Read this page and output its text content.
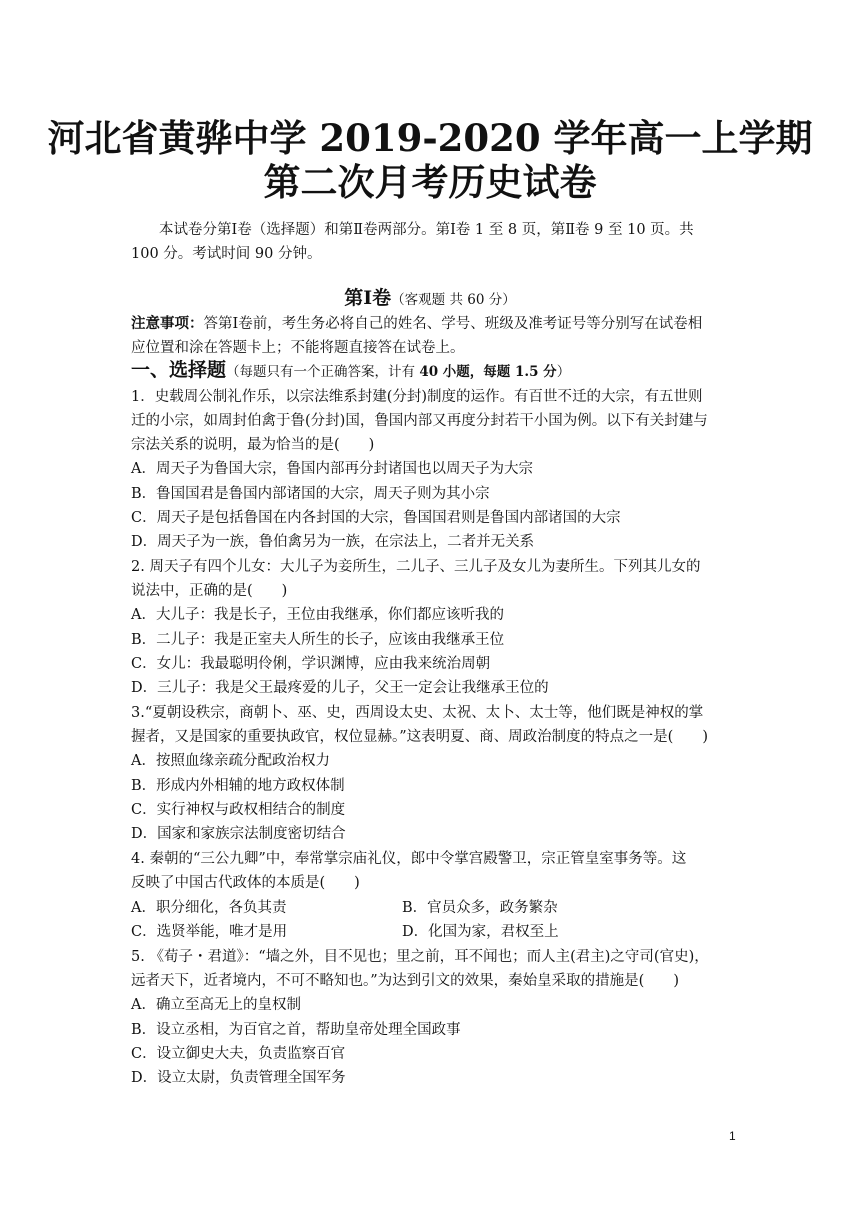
河北省黄骅中学 2019-2020 学年高一上学期
第二次月考历史试卷
本试卷分第Ⅰ卷（选择题）和第Ⅱ卷两部分。第Ⅰ卷 1 至 8 页，第Ⅱ卷 9 至 10 页。共
100 分。考试时间 90 分钟。
第Ⅰ卷（客观题 共 60 分）
注意事项：答第Ⅰ卷前，考生务必将自己的姓名、学号、班级及准考证号等分别写在试卷相
应位置和涂在答题卡上；不能将题直接答在试卷上。
一、选择题（每题只有一个正确答案，计有 40 小题，每题 1.5 分）
1．史载周公制礼作乐，以宗法维系封建(分封)制度的运作。有百世不迁的大宗，有五世则
迁的小宗，如周封伯禽于鲁(分封)国，鲁国内部又再度分封若干小国为例。以下有关封建与
宗法关系的说明，最为恰当的是(　　)
A．周天子为鲁国大宗，鲁国内部再分封诸国也以周天子为大宗
B．鲁国国君是鲁国内部诸国的大宗，周天子则为其小宗
C．周天子是包括鲁国在内各封国的大宗，鲁国国君则是鲁国内部诸国的大宗
D．周天子为一族，鲁伯禽另为一族，在宗法上，二者并无关系
2. 周天子有四个儿女：大儿子为妾所生，二儿子、三儿子及女儿为妻所生。下列其儿女的
说法中，正确的是(　　)
A．大儿子：我是长子，王位由我继承，你们都应该听我的
B．二儿子：我是正室夫人所生的长子，应该由我继承王位
C．女儿：我最聪明伶俐，学识渊博，应由我来统治周朝
D．三儿子：我是父王最疼爱的儿子，父王一定会让我继承王位的
3.“夏朝设秩宗，商朝卜、巫、史，西周设太史、太祝、太卜、太士等，他们既是神权的掌
握者，又是国家的重要执政官，权位显赫。”这表明夏、商、周政治制度的特点之一是(　　)
A．按照血缘亲疏分配政治权力
B．形成内外相辅的地方政权体制
C．实行神权与政权相结合的制度
D．国家和家族宗法制度密切结合
4. 秦朝的“三公九卿”中，奉常掌宗庙礼仪，郎中令掌宫殿警卫，宗正管皇室事务等。这
反映了中国古代政体的本质是(　　)
A．职分细化，各负其责	B．官员众多，政务繁杂
C．选贤举能，唯才是用	D．化国为家，君权至上
5. 《荀子・君道》：“墙之外，目不见也；里之前，耳不闻也；而人主(君主)之守司(官史)，
远者天下，近者境内，不可不略知也。”为达到引文的效果，秦始皇采取的措施是(　　)
A．确立至高无上的皇权制
B．设立丞相，为百官之首，帮助皇帝处理全国政事
C．设立御史大夫，负责监察百官
D．设立太尉，负责管理全国军务
1
